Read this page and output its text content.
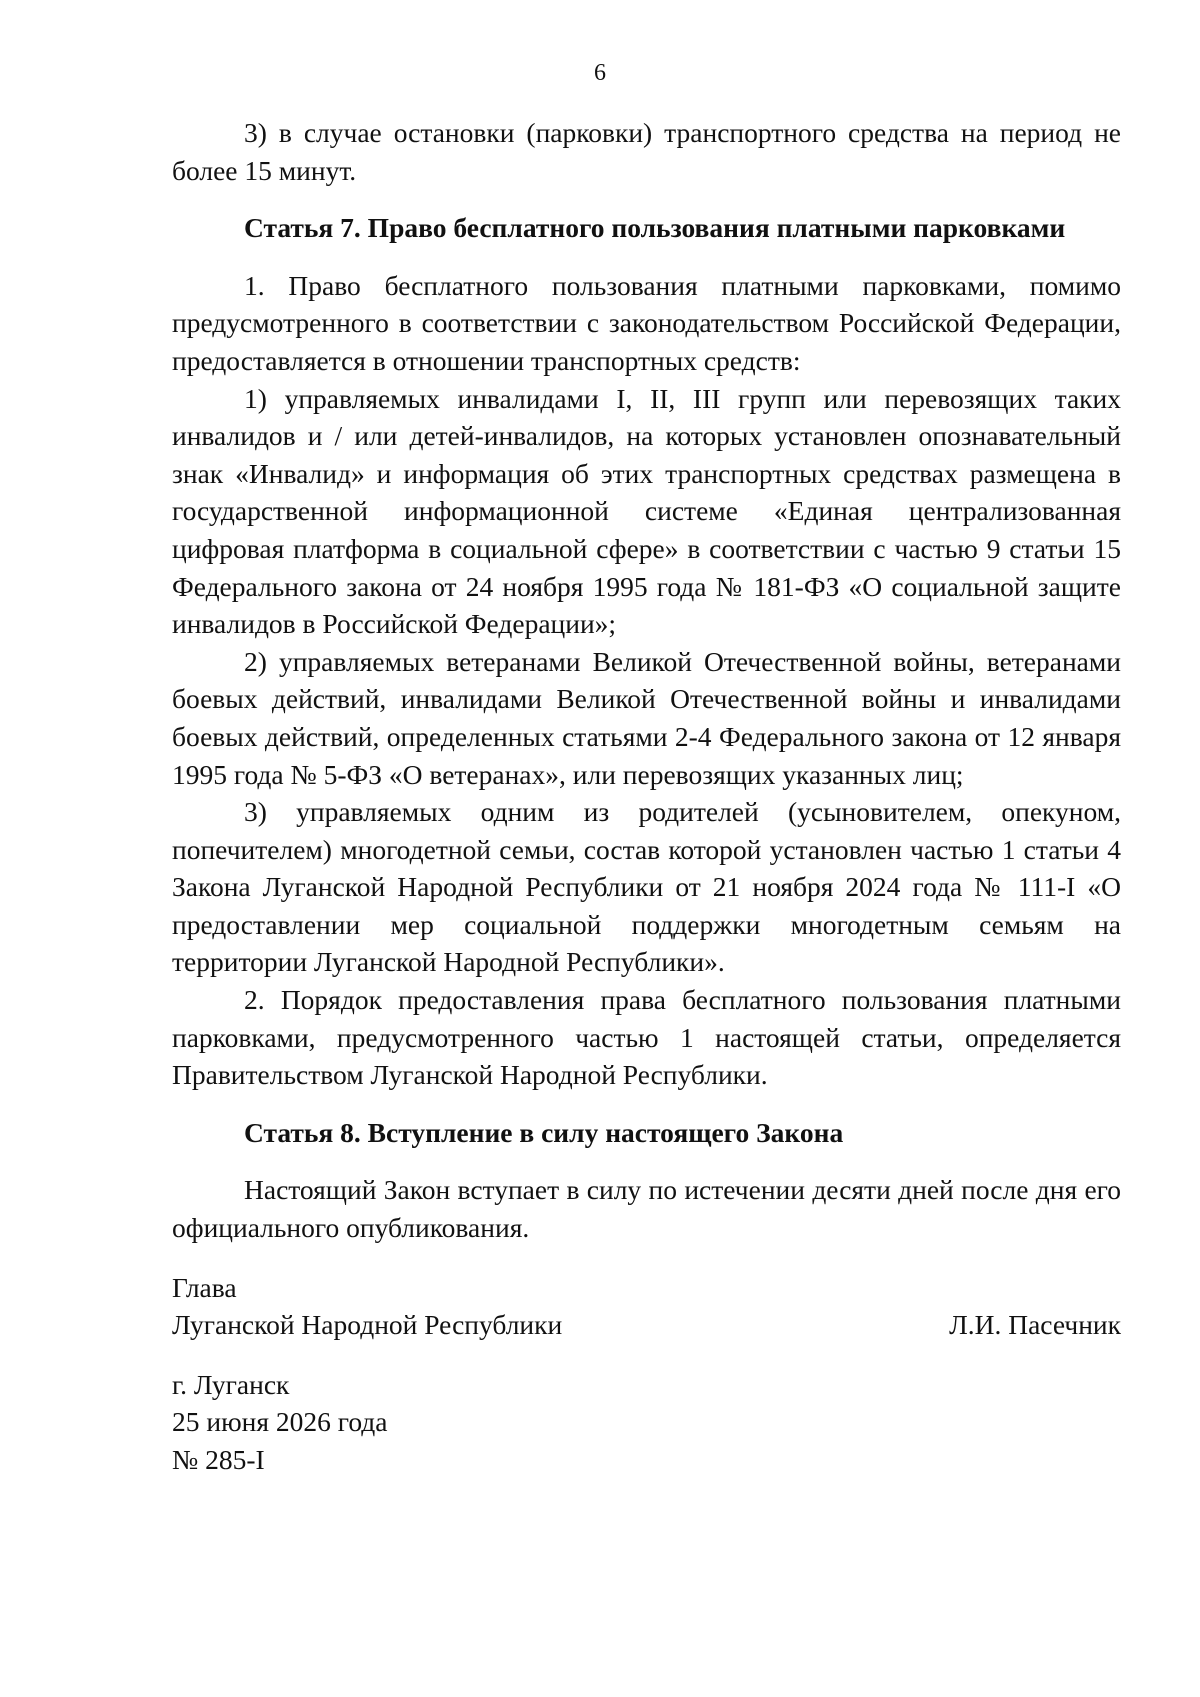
6

3) в случае остановки (парковки) транспортного средства на период не более 15 минут.

Статья 7. Право бесплатного пользования платными парковками

1. Право бесплатного пользования платными парковками, помимо предусмотренного в соответствии с законодательством Российской Федерации, предоставляется в отношении транспортных средств:

1) управляемых инвалидами I, II, III групп или перевозящих таких инвалидов и / или детей-инвалидов, на которых установлен опознавательный знак «Инвалид» и информация об этих транспортных средствах размещена в государственной информационной системе «Единая централизованная цифровая платформа в социальной сфере» в соответствии с частью 9 статьи 15 Федерального закона от 24 ноября 1995 года № 181-ФЗ «О социальной защите инвалидов в Российской Федерации»;

2) управляемых ветеранами Великой Отечественной войны, ветеранами боевых действий, инвалидами Великой Отечественной войны и инвалидами боевых действий, определенных статьями 2-4 Федерального закона от 12 января 1995 года № 5-ФЗ «О ветеранах», или перевозящих указанных лиц;

3) управляемых одним из родителей (усыновителем, опекуном, попечителем) многодетной семьи, состав которой установлен частью 1 статьи 4 Закона Луганской Народной Республики от 21 ноября 2024 года № 111-I «О предоставлении мер социальной поддержки многодетным семьям на территории Луганской Народной Республики».

2. Порядок предоставления права бесплатного пользования платными парковками, предусмотренного частью 1 настоящей статьи, определяется Правительством Луганской Народной Республики.

Статья 8. Вступление в силу настоящего Закона

Настоящий Закон вступает в силу по истечении десяти дней после дня его официального опубликования.

Глава

Луганской Народной Республики	Л.И. Пасечник

г. Луганск

25 июня 2026 года

№ 285-I
